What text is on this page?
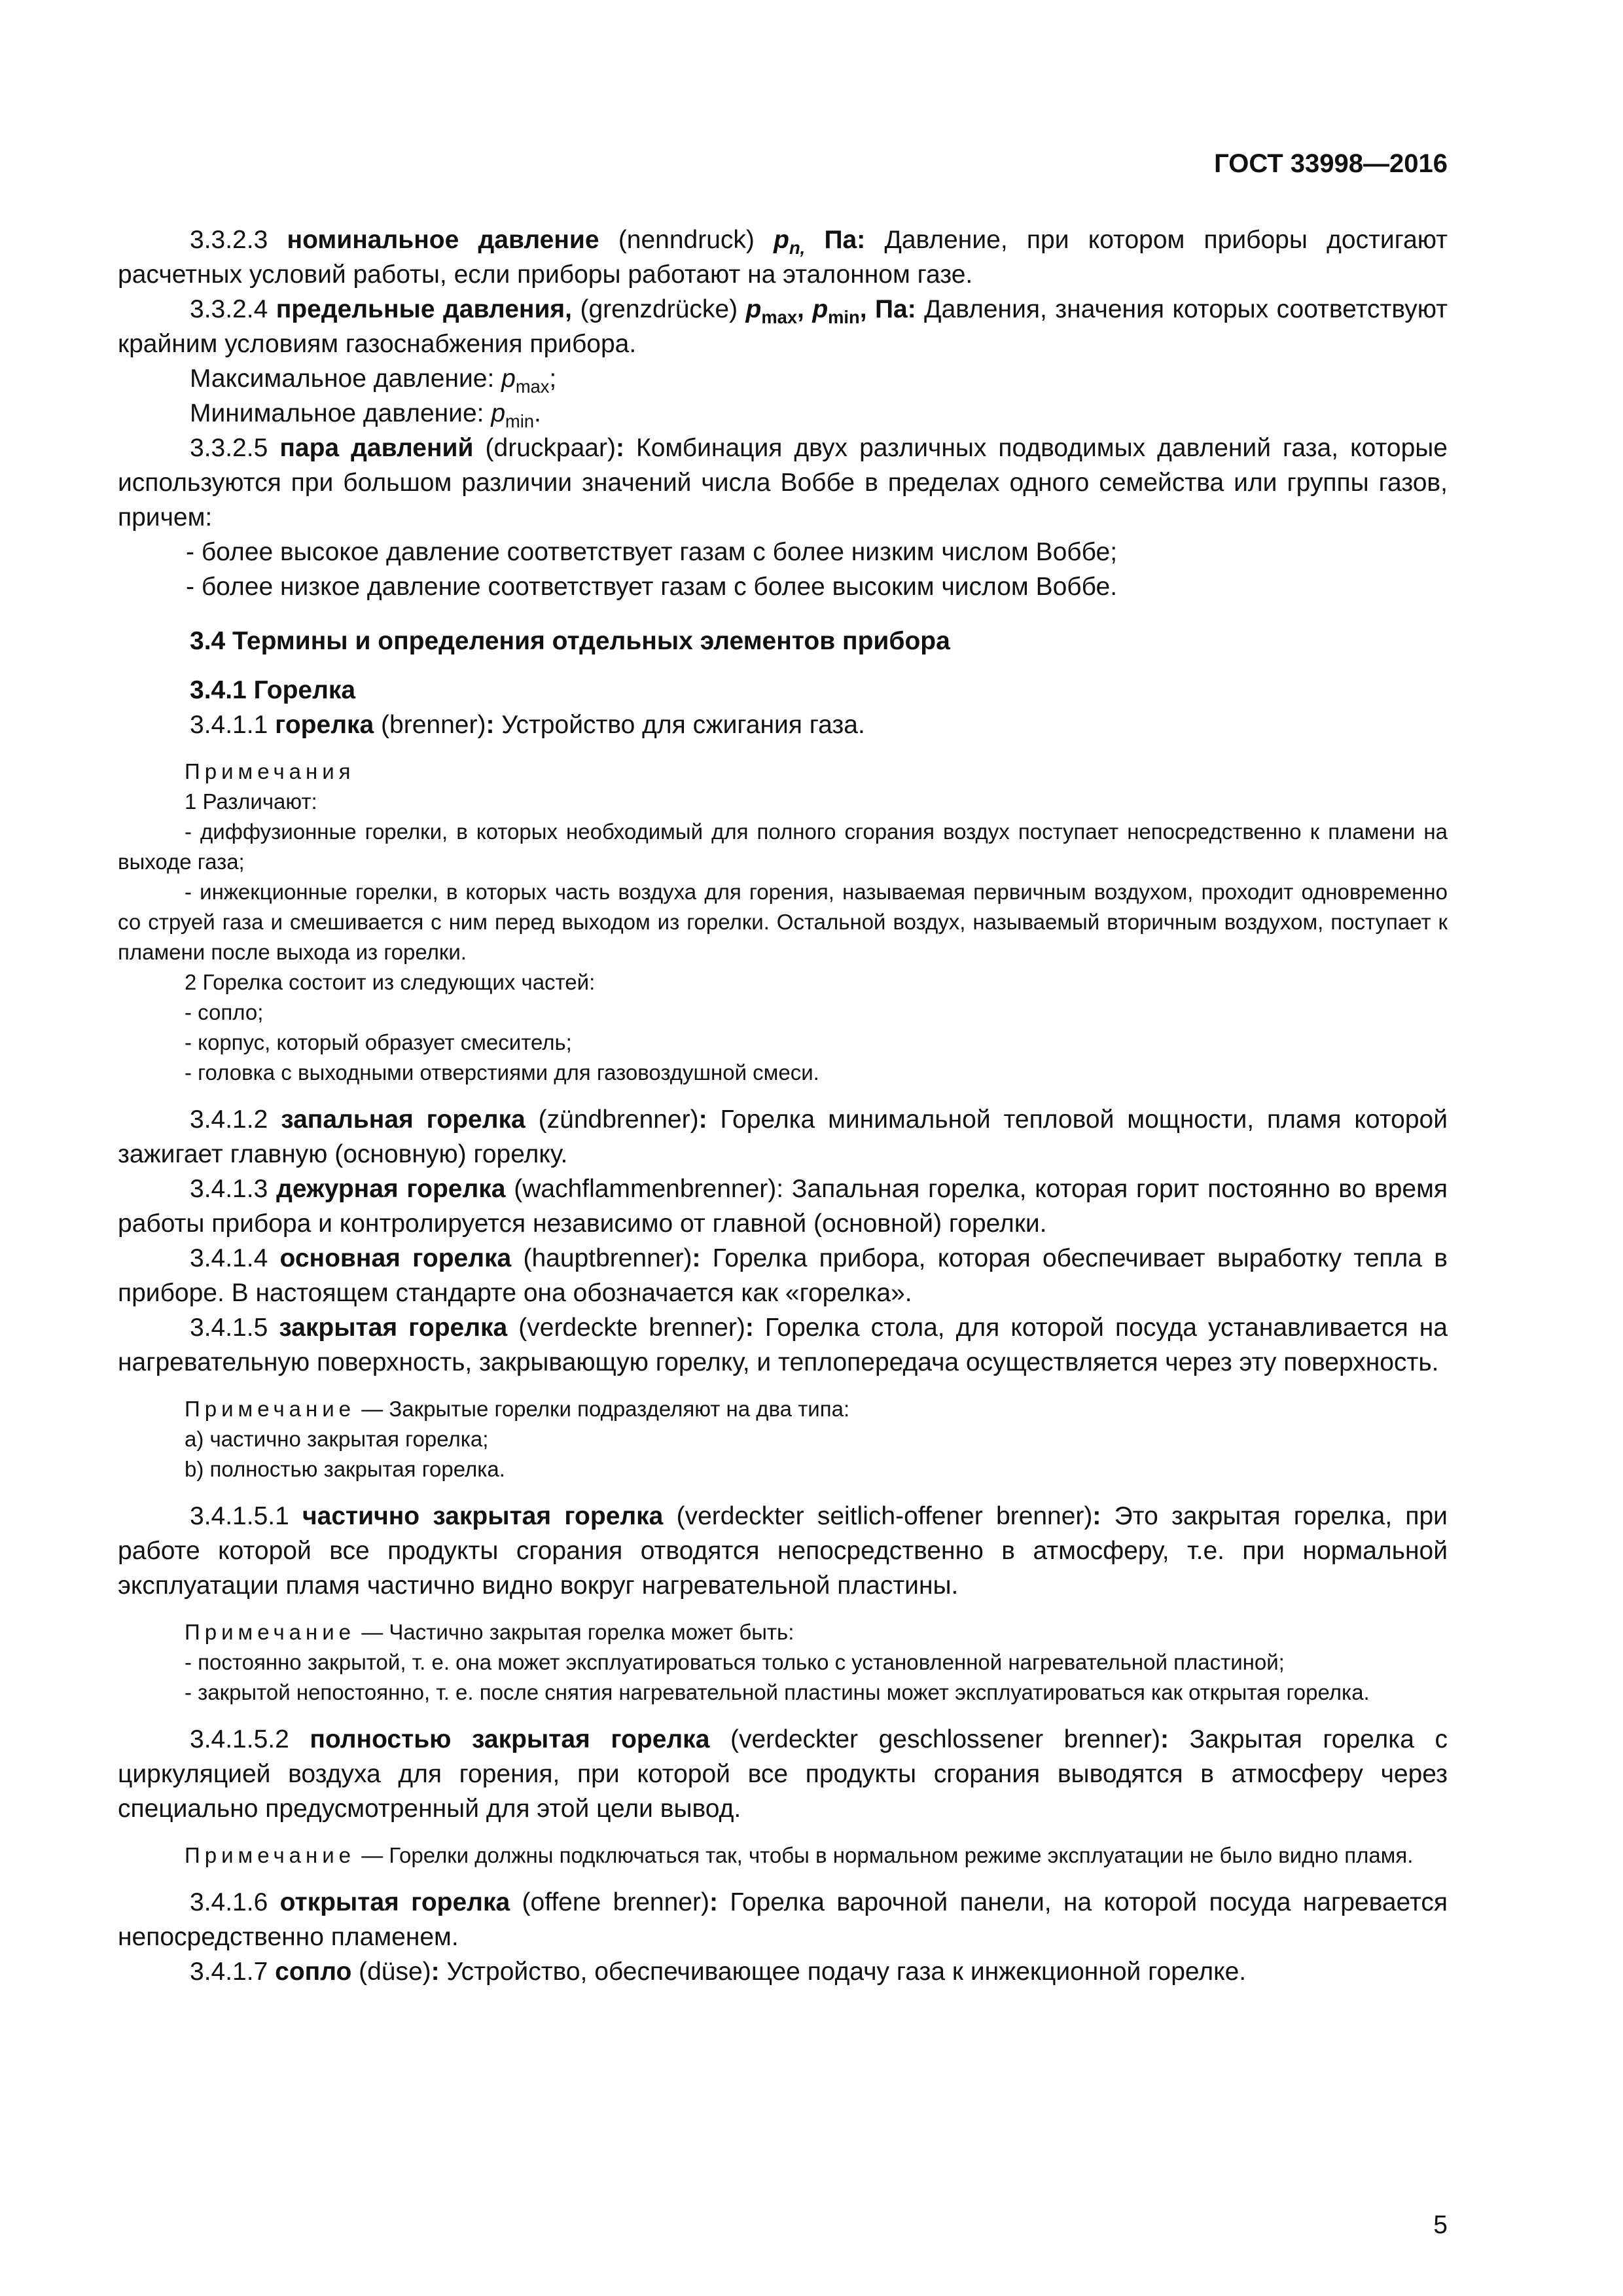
ГОСТ 33998—2016

3.3.2.3 номинальное давление (nenndruck) $p_{n,}$ Па: Давление, при котором приборы достигают расчетных условий работы, если приборы работают на эталонном газе.

3.3.2.4 предельные давления, (grenzdrücke) $p_{max}$, $p_{min}$, Па: Давления, значения которых соответствуют крайним условиям газоснабжения прибора.

Максимальное давление: $p_{max}$;

Минимальное давление: $p_{min}$.

3.3.2.5 пара давлений (druckpaar): Комбинация двух различных подводимых давлений газа, которые используются при большом различии значений числа Воббе в пределах одного семейства или группы газов, причем:

- более высокое давление соответствует газам с более низким числом Воббе;

- более низкое давление соответствует газам с более высоким числом Воббе.

3.4 Термины и определения отдельных элементов прибора

3.4.1 Горелка

3.4.1.1 горелка (brenner): Устройство для сжигания газа.

Примечания

1 Различают:

- диффузионные горелки, в которых необходимый для полного сгорания воздух поступает непосредственно к пламени на выходе газа;

- инжекционные горелки, в которых часть воздуха для горения, называемая первичным воздухом, проходит одновременно со струей газа и смешивается с ним перед выходом из горелки. Остальной воздух, называемый вторичным воздухом, поступает к пламени после выхода из горелки.

2 Горелка состоит из следующих частей:

- сопло;

- корпус, который образует смеситель;

- головка с выходными отверстиями для газовоздушной смеси.

3.4.1.2 запальная горелка (zündbrenner): Горелка минимальной тепловой мощности, пламя которой зажигает главную (основную) горелку.

3.4.1.3 дежурная горелка (wachflammenbrenner): Запальная горелка, которая горит постоянно во время работы прибора и контролируется независимо от главной (основной) горелки.

3.4.1.4 основная горелка (hauptbrenner): Горелка прибора, которая обеспечивает выработку тепла в приборе. В настоящем стандарте она обозначается как «горелка».

3.4.1.5 закрытая горелка (verdeckte brenner): Горелка стола, для которой посуда устанавливается на нагревательную поверхность, закрывающую горелку, и теплопередача осуществляется через эту поверхность.

Примечание — Закрытые горелки подразделяют на два типа:

a) частично закрытая горелка;

b) полностью закрытая горелка.

3.4.1.5.1 частично закрытая горелка (verdeckter seitlich-offener brenner): Это закрытая горелка, при работе которой все продукты сгорания отводятся непосредственно в атмосферу, т.е. при нормальной эксплуатации пламя частично видно вокруг нагревательной пластины.

Примечание — Частично закрытая горелка может быть:

- постоянно закрытой, т. е. она может эксплуатироваться только с установленной нагревательной пластиной;

- закрытой непостоянно, т. е. после снятия нагревательной пластины может эксплуатироваться как открытая горелка.

3.4.1.5.2 полностью закрытая горелка (verdeckter geschlossener brenner): Закрытая горелка с циркуляцией воздуха для горения, при которой все продукты сгорания выводятся в атмосферу через специально предусмотренный для этой цели вывод.

Примечание — Горелки должны подключаться так, чтобы в нормальном режиме эксплуатации не было видно пламя.

3.4.1.6 открытая горелка (offene brenner): Горелка варочной панели, на которой посуда нагревается непосредственно пламенем.

3.4.1.7 сопло (düse): Устройство, обеспечивающее подачу газа к инжекционной горелке.

5
